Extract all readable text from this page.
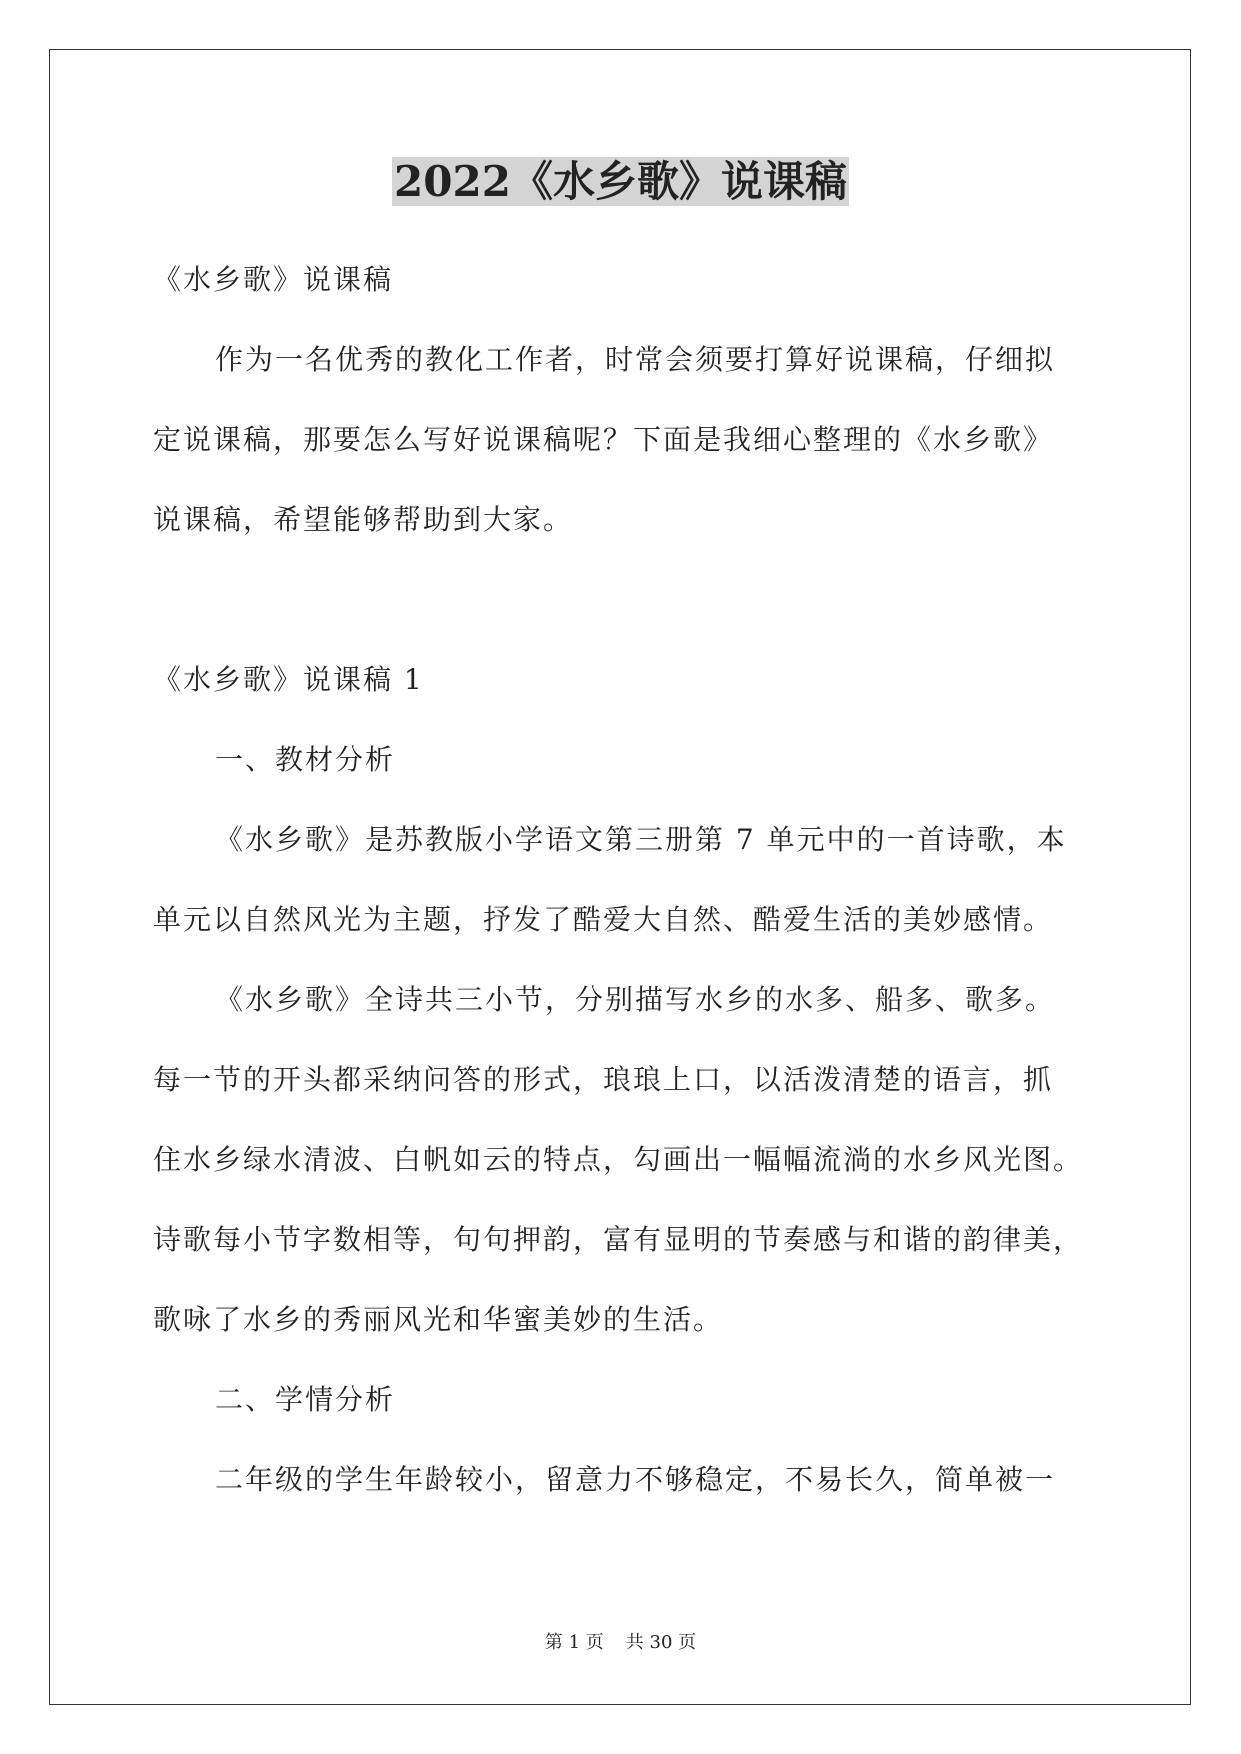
2022《水乡歌》说课稿

《水乡歌》说课稿

作为一名优秀的教化工作者，时常会须要打算好说课稿，仔细拟

定说课稿，那要怎么写好说课稿呢？下面是我细心整理的《水乡歌》

说课稿，希望能够帮助到大家。

《水乡歌》说课稿 1

一、教材分析

《水乡歌》是苏教版小学语文第三册第 7 单元中的一首诗歌，本

单元以自然风光为主题，抒发了酷爱大自然、酷爱生活的美妙感情。

《水乡歌》全诗共三小节，分别描写水乡的水多、船多、歌多。

每一节的开头都采纳问答的形式，琅琅上口，以活泼清楚的语言，抓

住水乡绿水清波、白帆如云的特点，勾画出一幅幅流淌的水乡风光图。

诗歌每小节字数相等，句句押韵，富有显明的节奏感与和谐的韵律美，

歌咏了水乡的秀丽风光和华蜜美妙的生活。

二、学情分析

二年级的学生年龄较小，留意力不够稳定，不易长久，简单被一

第 1 页 共 30 页
